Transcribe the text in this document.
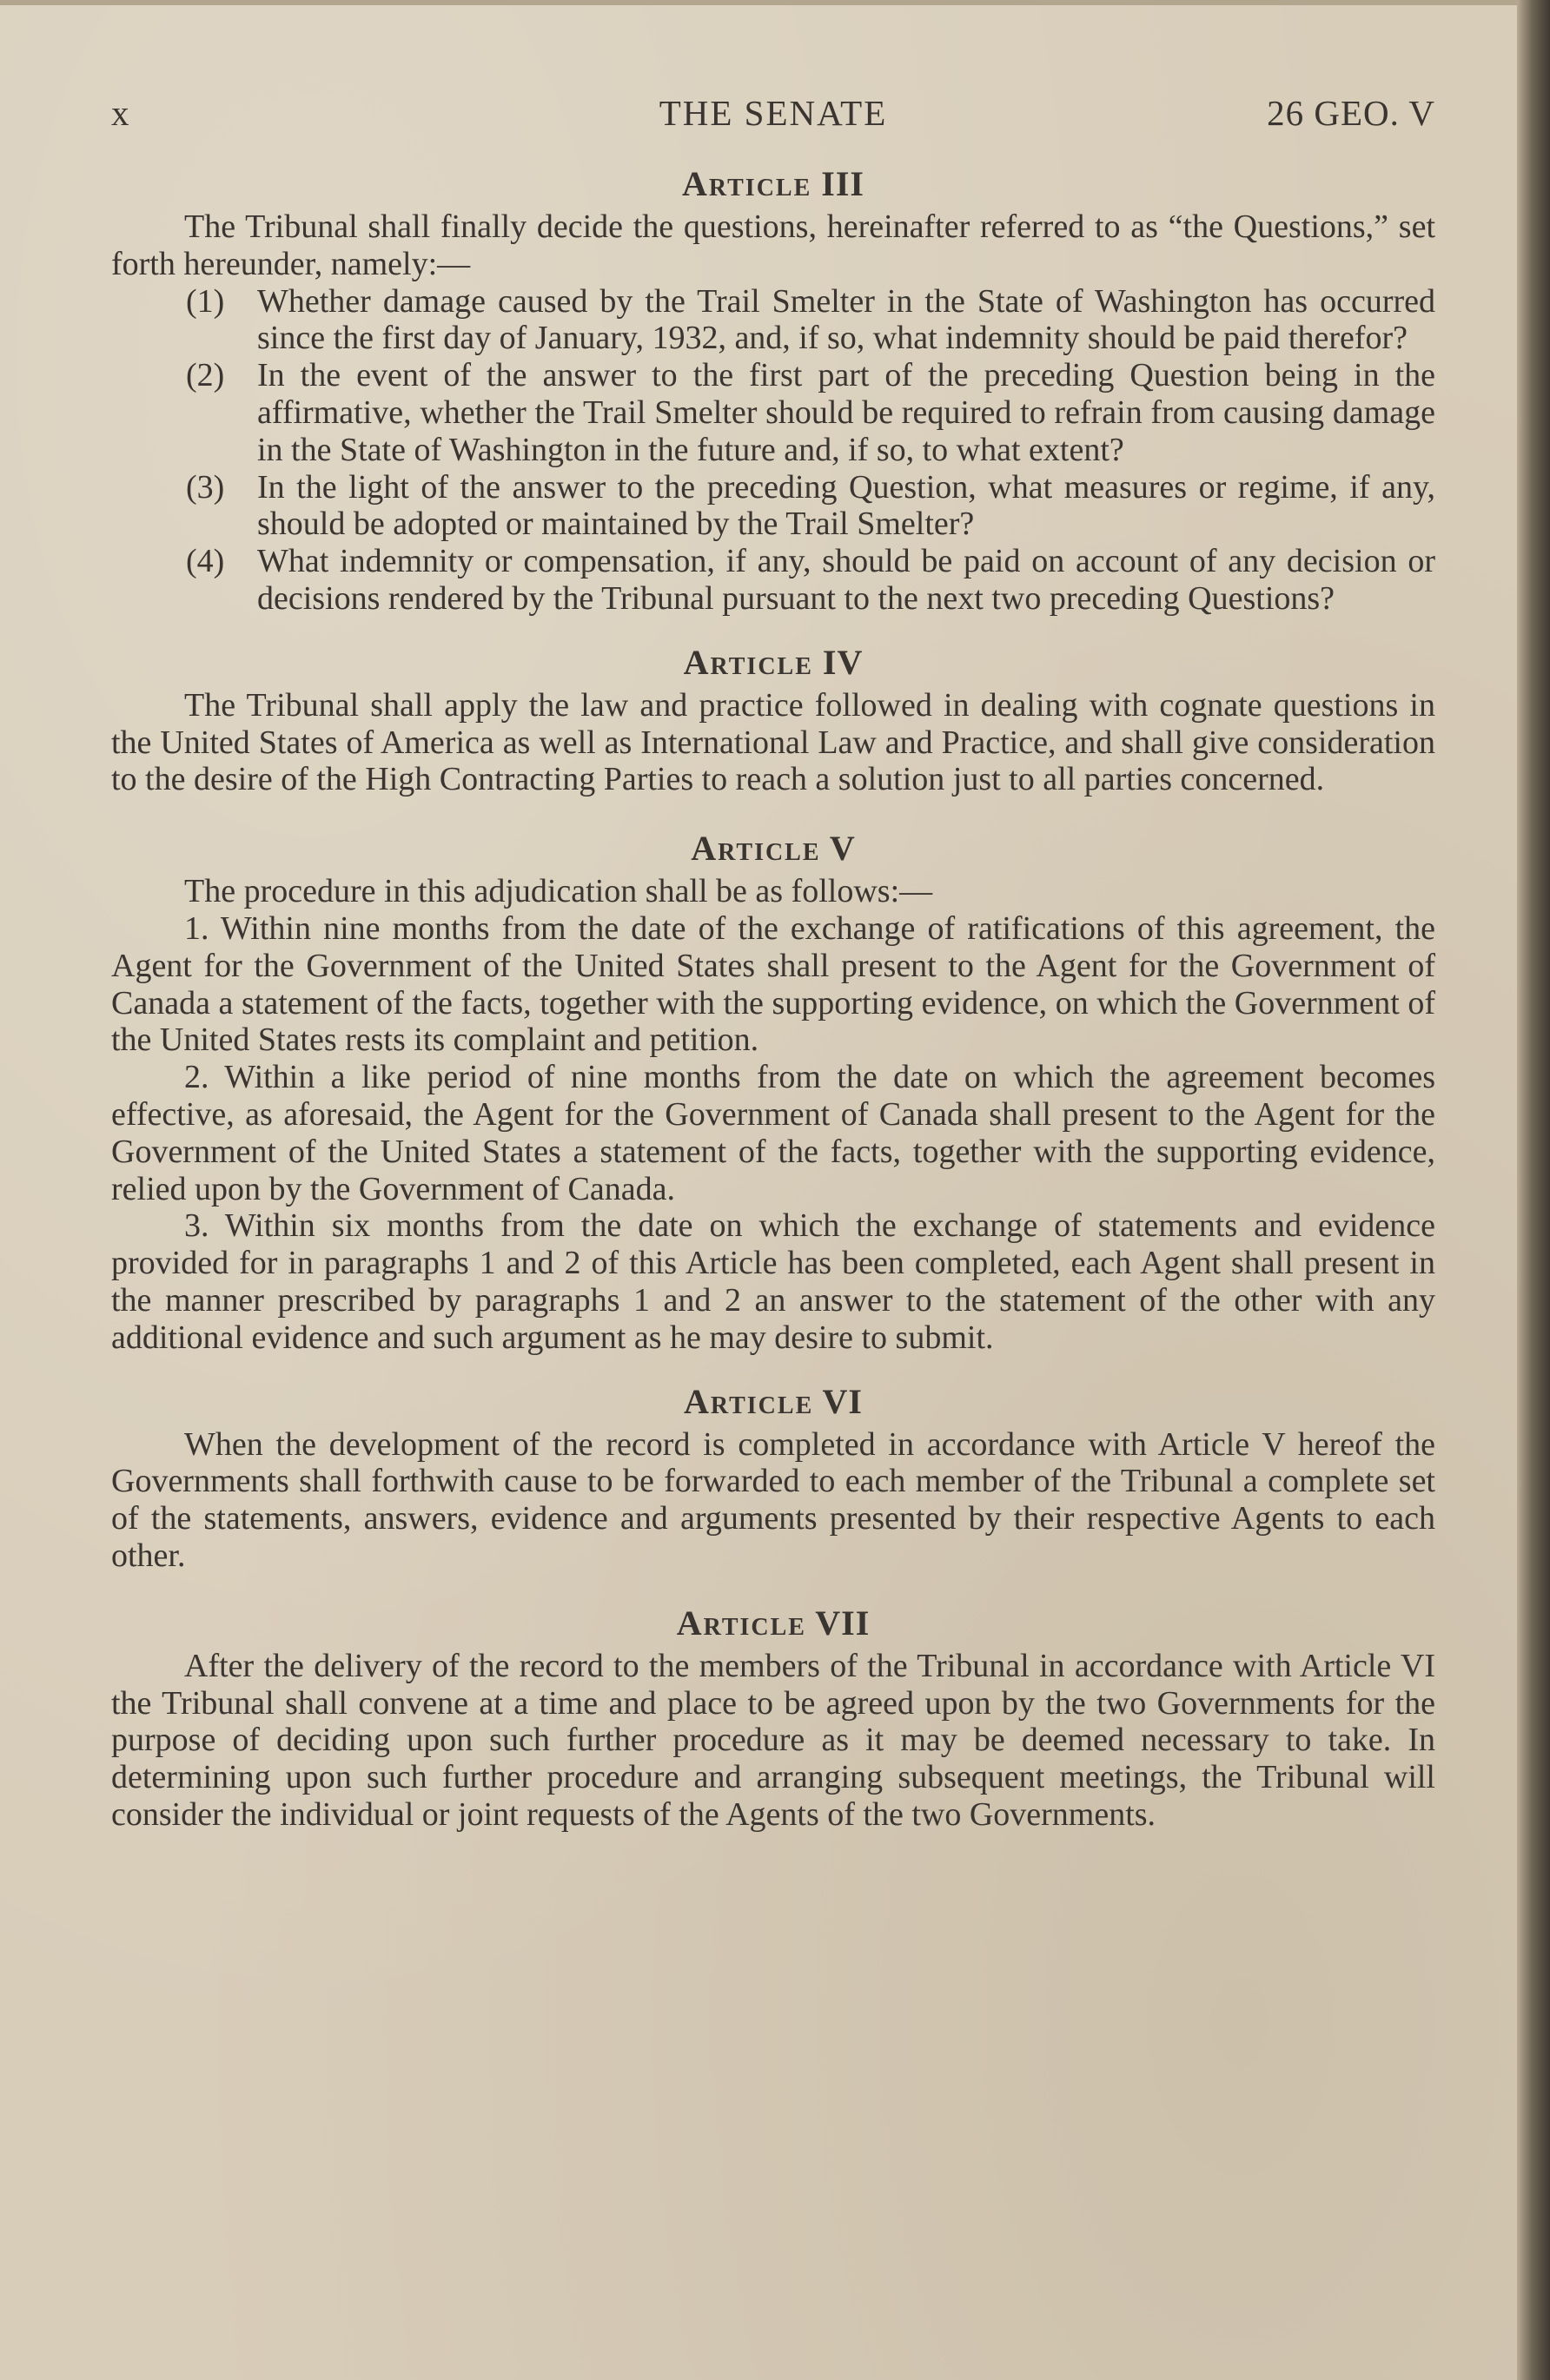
x	THE SENATE	26 GEO. V
Article III

The Tribunal shall finally decide the questions, hereinafter referred to as “the Questions,” set forth hereunder, namely:—

(1) Whether damage caused by the Trail Smelter in the State of Washington has occurred since the first day of January, 1932, and, if so, what indemnity should be paid therefor?

(2) In the event of the answer to the first part of the preceding Question being in the affirmative, whether the Trail Smelter should be required to refrain from causing damage in the State of Washington in the future and, if so, to what extent?

(3) In the light of the answer to the preceding Question, what measures or regime, if any, should be adopted or maintained by the Trail Smelter?

(4) What indemnity or compensation, if any, should be paid on account of any decision or decisions rendered by the Tribunal pursuant to the next two preceding Questions?

Article IV

The Tribunal shall apply the law and practice followed in dealing with cognate questions in the United States of America as well as International Law and Practice, and shall give consideration to the desire of the High Contracting Parties to reach a solution just to all parties concerned.

Article V

The procedure in this adjudication shall be as follows:—

1. Within nine months from the date of the exchange of ratifications of this agreement, the Agent for the Government of the United States shall present to the Agent for the Government of Canada a statement of the facts, together with the supporting evidence, on which the Government of the United States rests its complaint and petition.

2. Within a like period of nine months from the date on which the agreement becomes effective, as aforesaid, the Agent for the Government of Canada shall present to the Agent for the Government of the United States a statement of the facts, together with the supporting evidence, relied upon by the Government of Canada.

3. Within six months from the date on which the exchange of statements and evidence provided for in paragraphs 1 and 2 of this Article has been completed, each Agent shall present in the manner prescribed by paragraphs 1 and 2 an answer to the statement of the other with any additional evidence and such argument as he may desire to submit.

Article VI

When the development of the record is completed in accordance with Article V hereof the Governments shall forthwith cause to be forwarded to each member of the Tribunal a complete set of the statements, answers, evidence and arguments presented by their respective Agents to each other.

Article VII

After the delivery of the record to the members of the Tribunal in accordance with Article VI the Tribunal shall convene at a time and place to be agreed upon by the two Governments for the purpose of deciding upon such further procedure as it may be deemed necessary to take. In determining upon such further procedure and arranging subsequent meetings, the Tribunal will consider the individual or joint requests of the Agents of the two Governments.
